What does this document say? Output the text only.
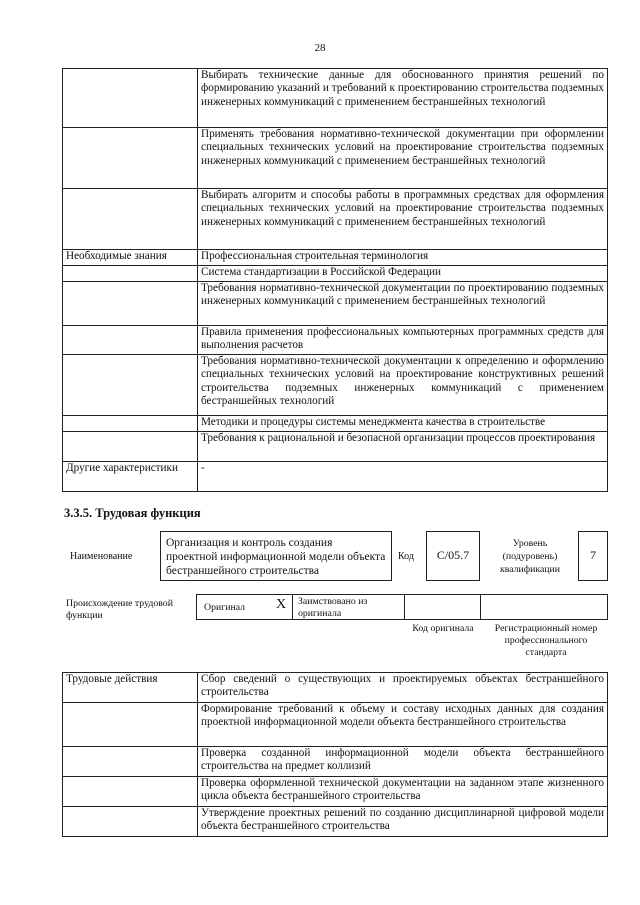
28
	Выбирать технические данные для обоснованного принятия решений по формированию указаний и требований к проектированию строительства подземных инженерных коммуникаций с применением бестраншейных технологий
	Применять требования нормативно-технической документации при оформлении специальных технических условий на проектирование строительства подземных инженерных коммуникаций с применением бестраншейных технологий
	Выбирать алгоритм и способы работы в программных средствах для оформления специальных технических условий на проектирование строительства подземных инженерных коммуникаций с применением бестраншейных технологий
Необходимые знания	Профессиональная строительная терминология
	Система стандартизации в Российской Федерации
	Требования нормативно-технической документации по проектированию подземных инженерных коммуникаций с применением бестраншейных технологий
	Правила применения профессиональных компьютерных программных средств для выполнения расчетов
	Требования нормативно-технической документации к определению и оформлению специальных технических условий на проектирование конструктивных решений строительства подземных инженерных коммуникаций с применением бестраншейных технологий
	Методики и процедуры системы менеджмента качества в строительстве
	Требования к рациональной и безопасной организации процессов проектирования
Другие характеристики	-
3.3.5. Трудовая функция
Наименование
Организация и контроль создания проектной информационной модели объекта бестраншейного строительства
Код	С/05.7
Уровень (подуровень) квалификации
7
Происхождение трудовой функции
Оригинал X Заимствовано из оригинала
Код оригинала	Регистрационный номер профессионального стандарта
Трудовые действия	Сбор сведений о существующих и проектируемых объектах бестраншейного строительства
	Формирование требований к объему и составу исходных данных для создания проектной информационной модели объекта бестраншейного строительства
	Проверка созданной информационной модели объекта бестраншейного строительства на предмет коллизий
	Проверка оформленной технической документации на заданном этапе жизненного цикла объекта бестраншейного строительства
	Утверждение проектных решений по созданию дисциплинарной цифровой модели объекта бестраншейного строительства
